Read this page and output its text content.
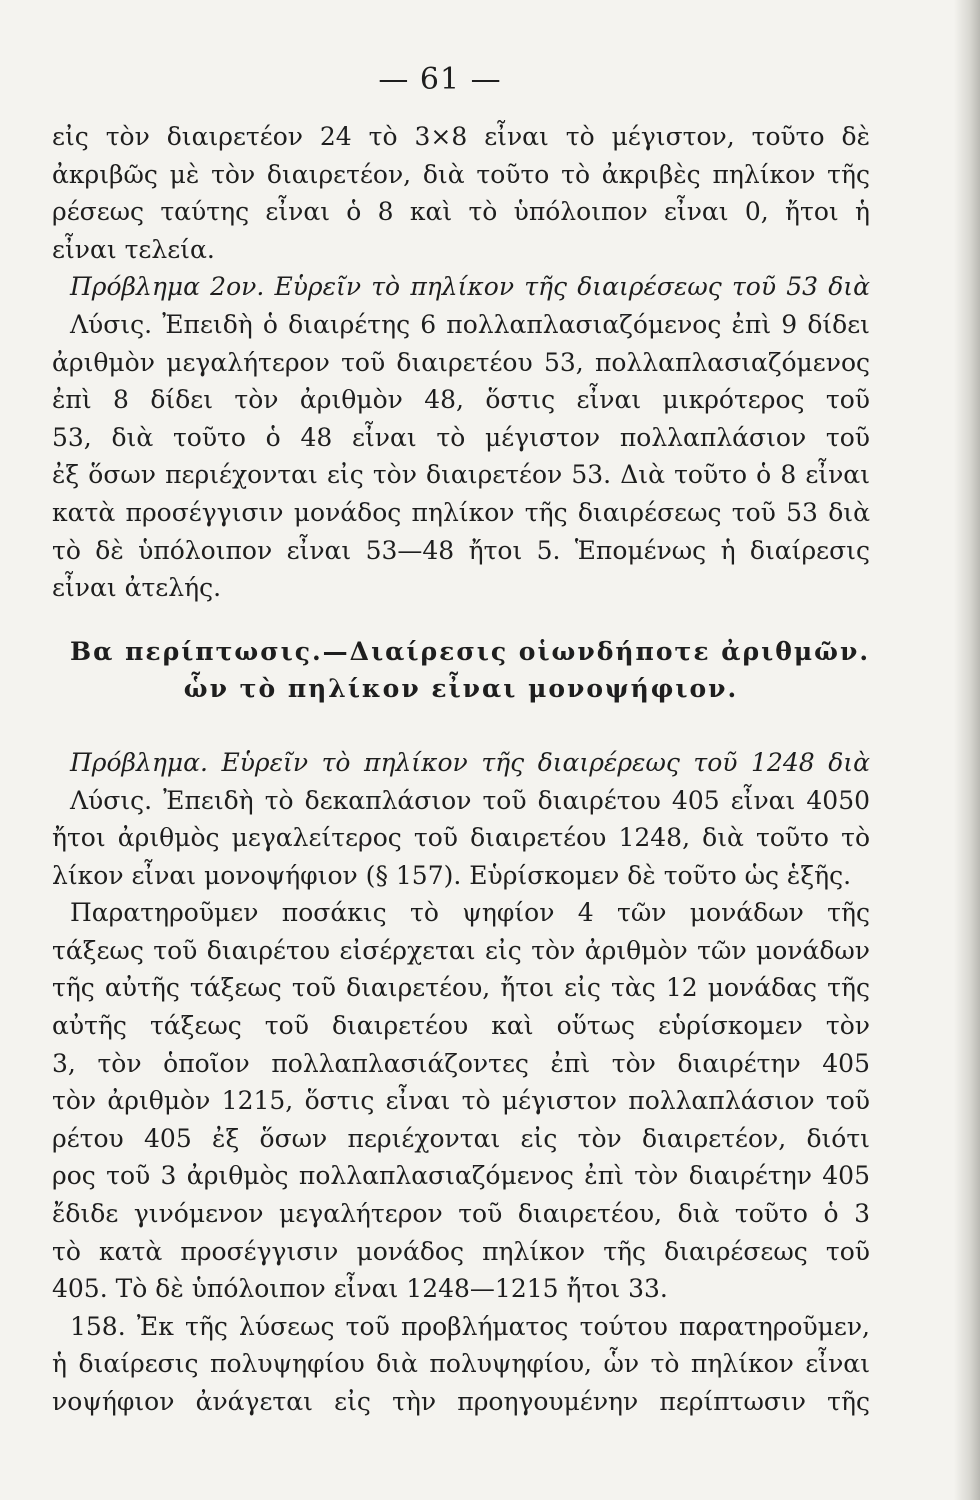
— 61 —
εἰς τὸν διαιρετέον 24 τὸ 3×8 εἶναι τὸ μέγιστον, τοῦτο δὲ
ἀκριβῶς μὲ τὸν διαιρετέον, διὰ τοῦτο τὸ ἀκριβὲς πηλίκον τῆς
ρέσεως ταύτης εἶναι ὁ 8 καὶ τὸ ὑπόλοιπον εἶναι 0, ἤτοι ἡ
εἶναι τελεία.
Πρόβλημα 2ον. Εὑρεῖν τὸ πηλίκον τῆς διαιρέσεως τοῦ 53 διὰ
Λύσις. Ἐπειδὴ ὁ διαιρέτης 6 πολλαπλασιαζόμενος ἐπὶ 9 δίδει
ἀριθμὸν μεγαλήτερον τοῦ διαιρετέου 53, πολλαπλασιαζόμενος
ἐπὶ 8 δίδει τὸν ἀριθμὸν 48, ὅστις εἶναι μικρότερος τοῦ
53, διὰ τοῦτο ὁ 48 εἶναι τὸ μέγιστον πολλαπλάσιον τοῦ
ἐξ ὅσων περιέχονται εἰς τὸν διαιρετέον 53. Διὰ τοῦτο ὁ 8 εἶναι
κατὰ προσέγγισιν μονάδος πηλίκον τῆς διαιρέσεως τοῦ 53 διὰ
τὸ δὲ ὑπόλοιπον εἶναι 53—48 ἤτοι 5. Ἑπομένως ἡ διαίρεσις
εἶναι ἀτελής.
Βα περίπτωσις.—Διαίρεσις οἱωνδήποτε ἀριθμῶν.
ὧν τὸ πηλίκον εἶναι μονοψήφιον.
Πρόβλημα. Εὑρεῖν τὸ πηλίκον τῆς διαιρέρεως τοῦ 1248 διὰ
Λύσις. Ἐπειδὴ τὸ δεκαπλάσιον τοῦ διαιρέτου 405 εἶναι 4050
ἤτοι ἀριθμὸς μεγαλείτερος τοῦ διαιρετέου 1248, διὰ τοῦτο τὸ
λίκον εἶναι μονοψήφιον (§ 157). Εὑρίσκομεν δὲ τοῦτο ὡς ἑξῆς.
Παρατηροῦμεν ποσάκις τὸ ψηφίον 4 τῶν μονάδων τῆς
τάξεως τοῦ διαιρέτου εἰσέρχεται εἰς τὸν ἀριθμὸν τῶν μονάδων
τῆς αὐτῆς τάξεως τοῦ διαιρετέου, ἤτοι εἰς τὰς 12 μονάδας τῆς
αὐτῆς τάξεως τοῦ διαιρετέου καὶ οὕτως εὑρίσκομεν τὸν
3, τὸν ὁποῖον πολλαπλασιάζοντες ἐπὶ τὸν διαιρέτην 405
τὸν ἀριθμὸν 1215, ὅστις εἶναι τὸ μέγιστον πολλαπλάσιον τοῦ
ρέτου 405 ἐξ ὅσων περιέχονται εἰς τὸν διαιρετέον, διότι
ρος τοῦ 3 ἀριθμὸς πολλαπλασιαζόμενος ἐπὶ τὸν διαιρέτην 405
ἔδιδε γινόμενον μεγαλήτερον τοῦ διαιρετέου, διὰ τοῦτο ὁ 3
τὸ κατὰ προσέγγισιν μονάδος πηλίκον τῆς διαιρέσεως τοῦ
405. Τὸ δὲ ὑπόλοιπον εἶναι 1248—1215 ἤτοι 33.
158. Ἐκ τῆς λύσεως τοῦ προβλήματος τούτου παρατηροῦμεν,
ἡ διαίρεσις πολυψηφίου διὰ πολυψηφίου, ὧν τὸ πηλίκον εἶναι
νοψήφιον ἀνάγεται εἰς τὴν προηγουμένην περίπτωσιν τῆς
